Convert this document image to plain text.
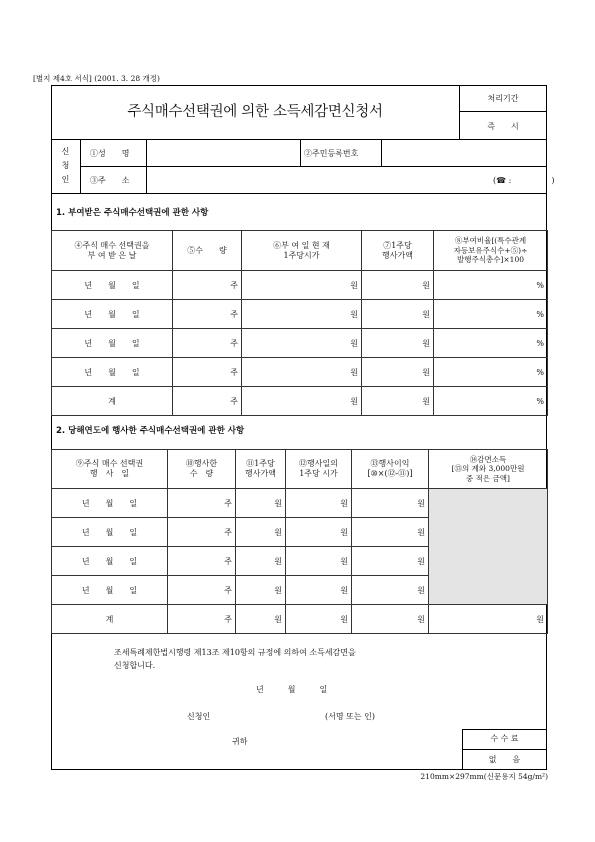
[별지 제4호 서식] (2001. 3. 28 개정)
주식매수선택권에 의한 소득세감면신청서
처리기간
즉　　시
신
청
인
①성　　명	②주민등록번호
③주　　소	(☎ :　　　　　)
1. 부여받은 주식매수선택권에 관한 사항
④주식 매수 선택권을
부 여 받 은 날	⑤수　　량	⑥부 여 일 현 재
1주당시가	⑦1주당
행사가액	⑧부여비율[(특수관계
자등보유주식수+⑤)÷
발행주식총수]×100
년　　월　　일	주	원	원	%
년　　월　　일	주	원	원	%
년　　월　　일	주	원	원	%
년　　월　　일	주	원	원	%
계	주	원	원	%
2. 당해연도에 행사한 주식매수선택권에 관한 사항
⑨주식 매수 선택권
행　사　일	⑩행사한
수　량	⑪1주당
행사가액	⑫행사일의
1주당 시가	⑬행사이익
[⑩×(⑫-⑪)]	⑭감면소득
[⑬의 계와 3,000만원
중 적은 금액]
년　　월　　일	주	원	원	원	
년　　월　　일	주	원	원	원	
년　　월　　일	주	원	원	원	
년　　월　　일	주	원	원	원	
계	주	원	원	원	원
조세특례제한법시행령 제13조 제10항의 규정에 의하여 소득세감면을
신청합니다.
년　　　월　　　일
신청인	(서명 또는 인)
귀하	수 수 료
없　　음
210mm×297mm(신문용지 54g/m²)
